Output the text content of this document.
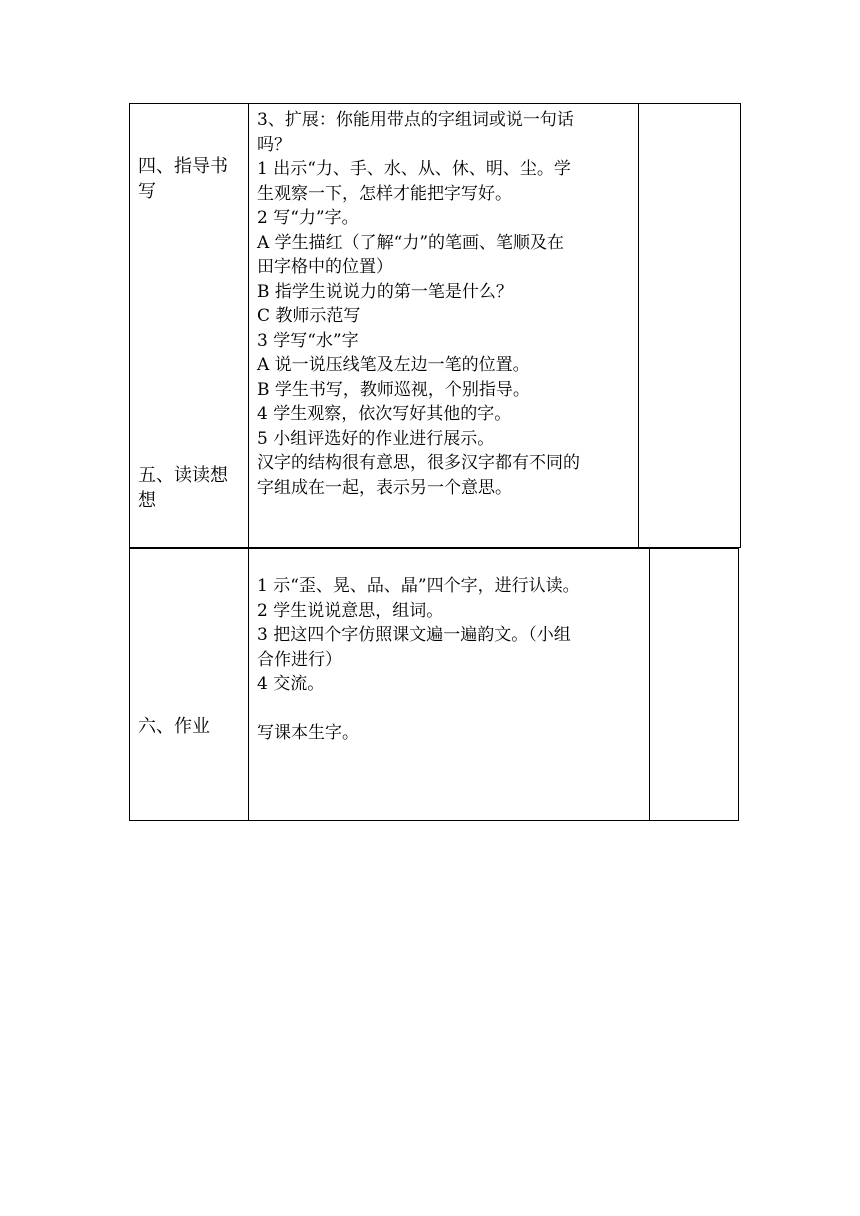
四、指导书
写
五、读读想
想

3、扩展：你能用带点的字组词或说一句话

吗？

1 出示“力、手、水、从、休、明、尘。学

生观察一下，怎样才能把字写好。

2 写“力”字。

A 学生描红（了解“力”的笔画、笔顺及在

田字格中的位置）

B 指学生说说力的第一笔是什么？

C 教师示范写

3 学写“水”字

A 说一说压线笔及左边一笔的位置。

B 学生书写，教师巡视，个别指导。

4 学生观察，依次写好其他的字。

5 小组评选好的作业进行展示。

汉字的结构很有意思，很多汉字都有不同的

字组成在一起，表示另一个意思。

六、作业

1 示“歪、晃、品、晶”四个字，进行认读。

2 学生说说意思，组词。

3 把这四个字仿照课文遍一遍韵文。（小组

合作进行）

4 交流。

写课本生字。
